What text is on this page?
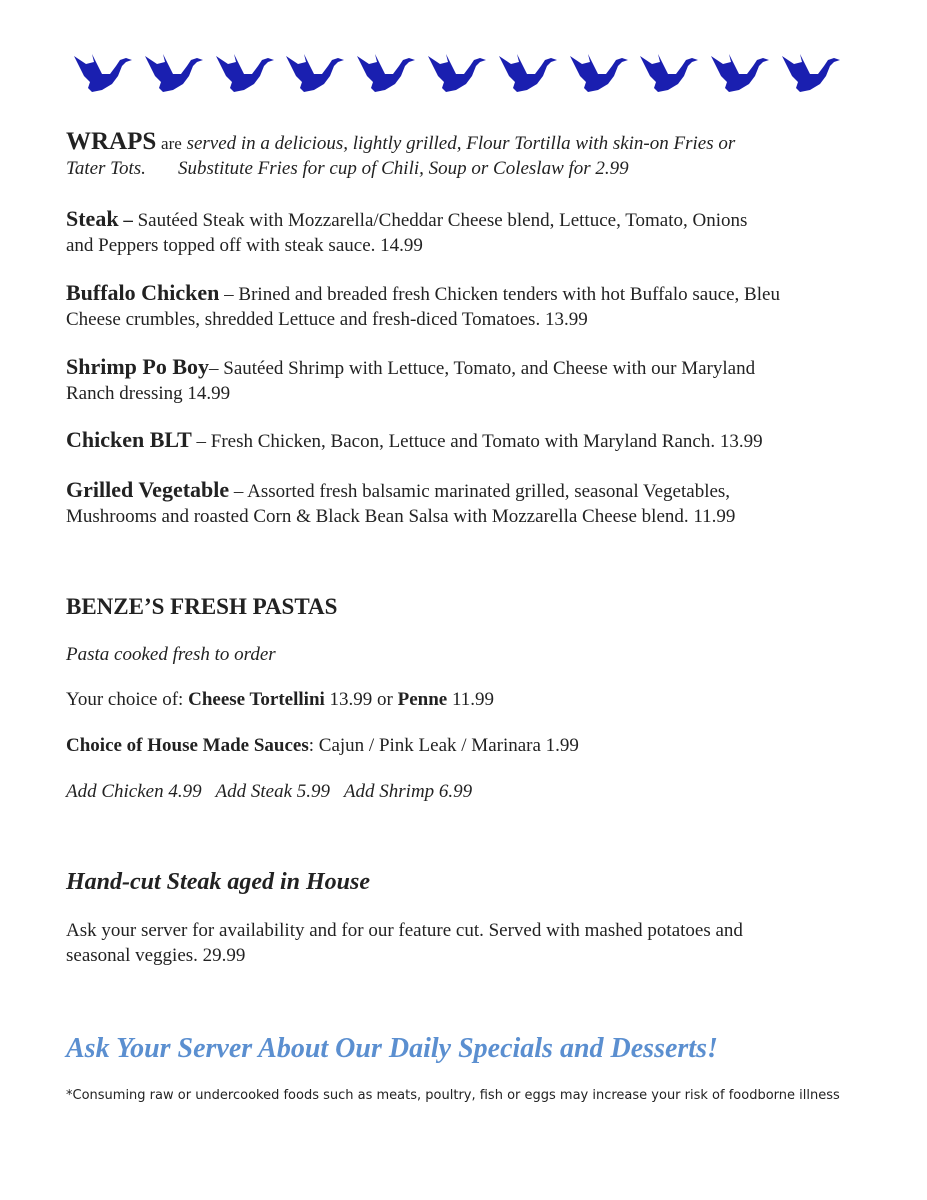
WRAPS are served in a delicious, lightly grilled, Flour Tortilla with skin-on Fries or
Tater Tots. Substitute Fries for cup of Chili, Soup or Coleslaw for 2.99

Steak – Sautéed Steak with Mozzarella/Cheddar Cheese blend, Lettuce, Tomato, Onions
and Peppers topped off with steak sauce. 14.99

Buffalo Chicken – Brined and breaded fresh Chicken tenders with hot Buffalo sauce, Bleu
Cheese crumbles, shredded Lettuce and fresh-diced Tomatoes. 13.99

Shrimp Po Boy– Sautéed Shrimp with Lettuce, Tomato, and Cheese with our Maryland
Ranch dressing 14.99

Chicken BLT – Fresh Chicken, Bacon, Lettuce and Tomato with Maryland Ranch. 13.99

Grilled Vegetable – Assorted fresh balsamic marinated grilled, seasonal Vegetables,
Mushrooms and roasted Corn & Black Bean Salsa with Mozzarella Cheese blend. 11.99

BENZE’S FRESH PASTAS

Pasta cooked fresh to order

Your choice of: Cheese Tortellini 13.99 or Penne 11.99

Choice of House Made Sauces: Cajun / Pink Leak / Marinara 1.99

Add Chicken 4.99   Add Steak 5.99   Add Shrimp 6.99

Hand-cut Steak aged in House

Ask your server for availability and for our feature cut. Served with mashed potatoes and
seasonal veggies. 29.99

Ask Your Server About Our Daily Specials and Desserts!

*Consuming raw or undercooked foods such as meats, poultry, fish or eggs may increase your risk of foodborne illness
